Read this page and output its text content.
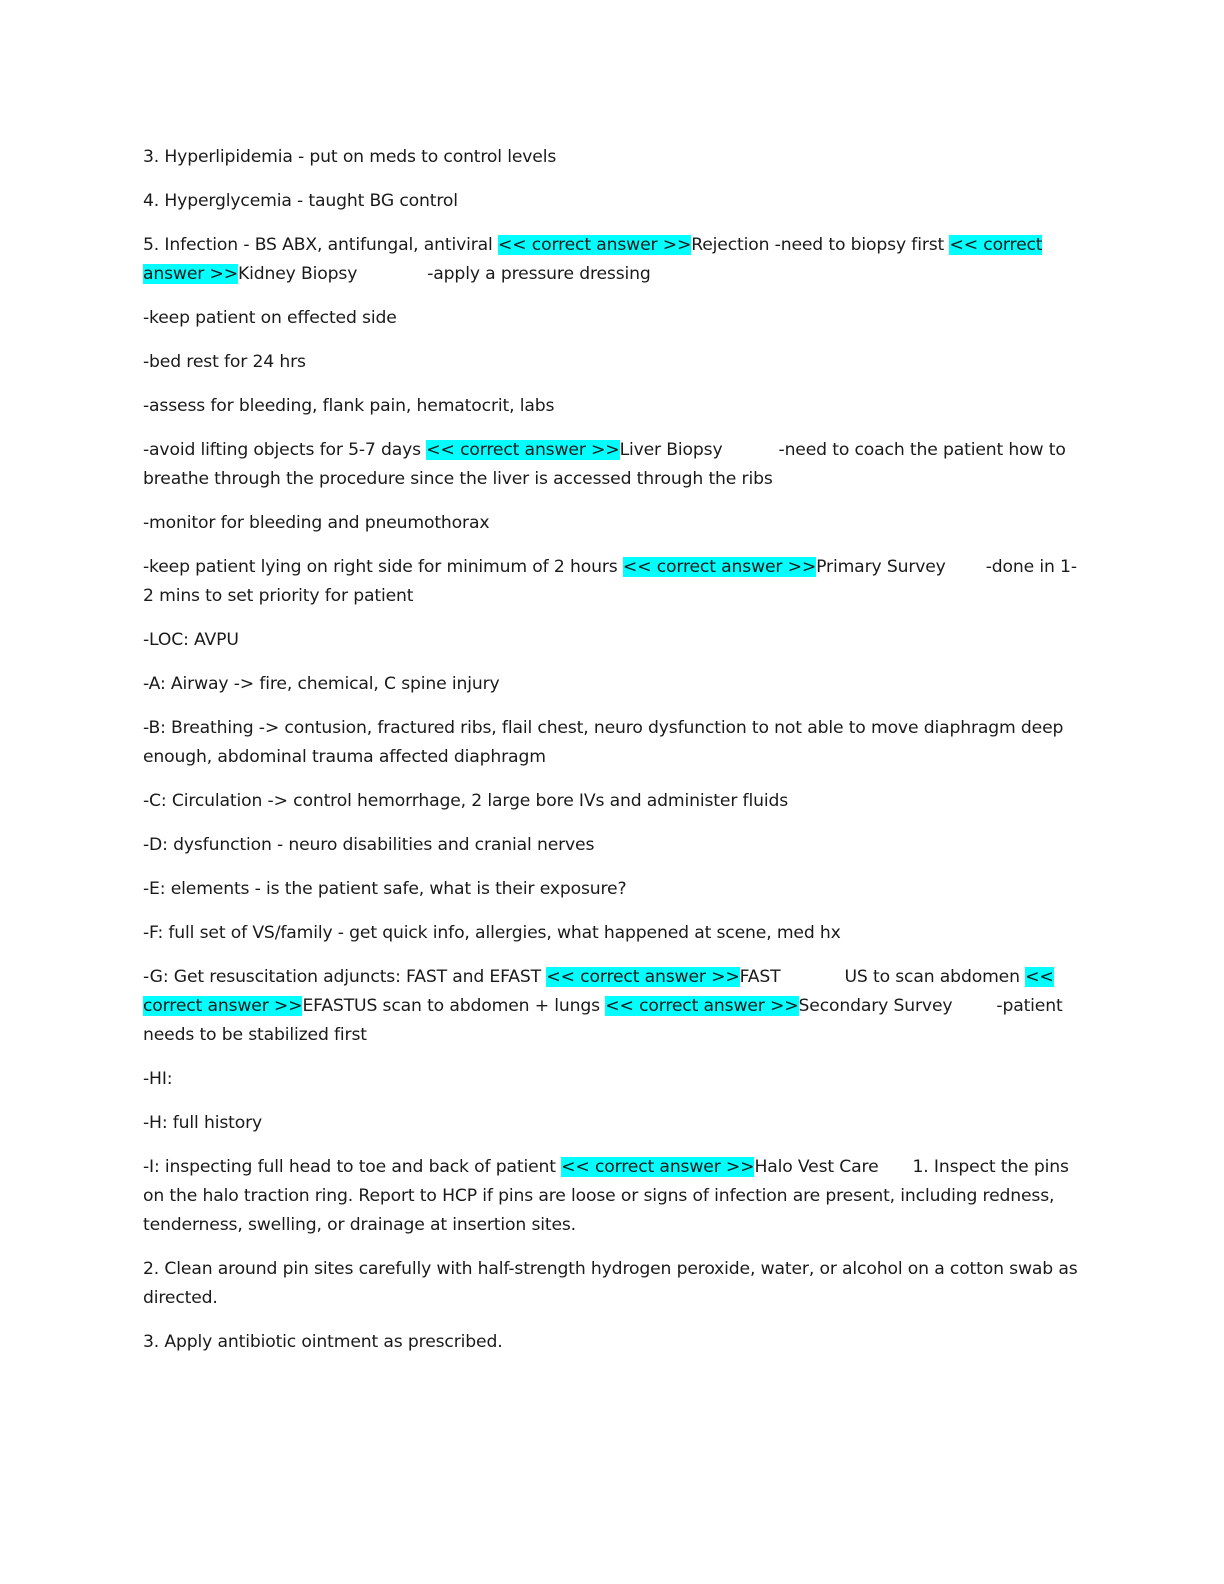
3. Hyperlipidemia - put on meds to control levels

4. Hyperglycemia - taught BG control

5. Infection - BS ABX, antifungal, antiviral << correct answer >>Rejection -need to biopsy first << correct answer >>Kidney Biopsy	-apply a pressure dressing

-keep patient on effected side

-bed rest for 24 hrs

-assess for bleeding, flank pain, hematocrit, labs

-avoid lifting objects for 5-7 days << correct answer >>Liver Biopsy	-need to coach the patient how to breathe through the procedure since the liver is accessed through the ribs

-monitor for bleeding and pneumothorax

-keep patient lying on right side for minimum of 2 hours << correct answer >>Primary Survey -done in 1-2 mins to set priority for patient

-LOC: AVPU

-A: Airway -> fire, chemical, C spine injury

-B: Breathing -> contusion, fractured ribs, flail chest, neuro dysfunction to not able to move diaphragm deep enough, abdominal trauma affected diaphragm

-C: Circulation -> control hemorrhage, 2 large bore IVs and administer fluids

-D: dysfunction - neuro disabilities and cranial nerves

-E: elements - is the patient safe, what is their exposure?

-F: full set of VS/family - get quick info, allergies, what happened at scene, med hx

-G: Get resuscitation adjuncts: FAST and EFAST << correct answer >>FAST	US to scan abdomen << correct answer >>EFASTUS scan to abdomen + lungs << correct answer >>Secondary Survey	-patient needs to be stabilized first

-HI:

-H: full history

-I: inspecting full head to toe and back of patient << correct answer >>Halo Vest Care 1. Inspect the pins on the halo traction ring. Report to HCP if pins are loose or signs of infection are present, including redness, tenderness, swelling, or drainage at insertion sites.

2. Clean around pin sites carefully with half-strength hydrogen peroxide, water, or alcohol on a cotton swab as directed.

3. Apply antibiotic ointment as prescribed.
